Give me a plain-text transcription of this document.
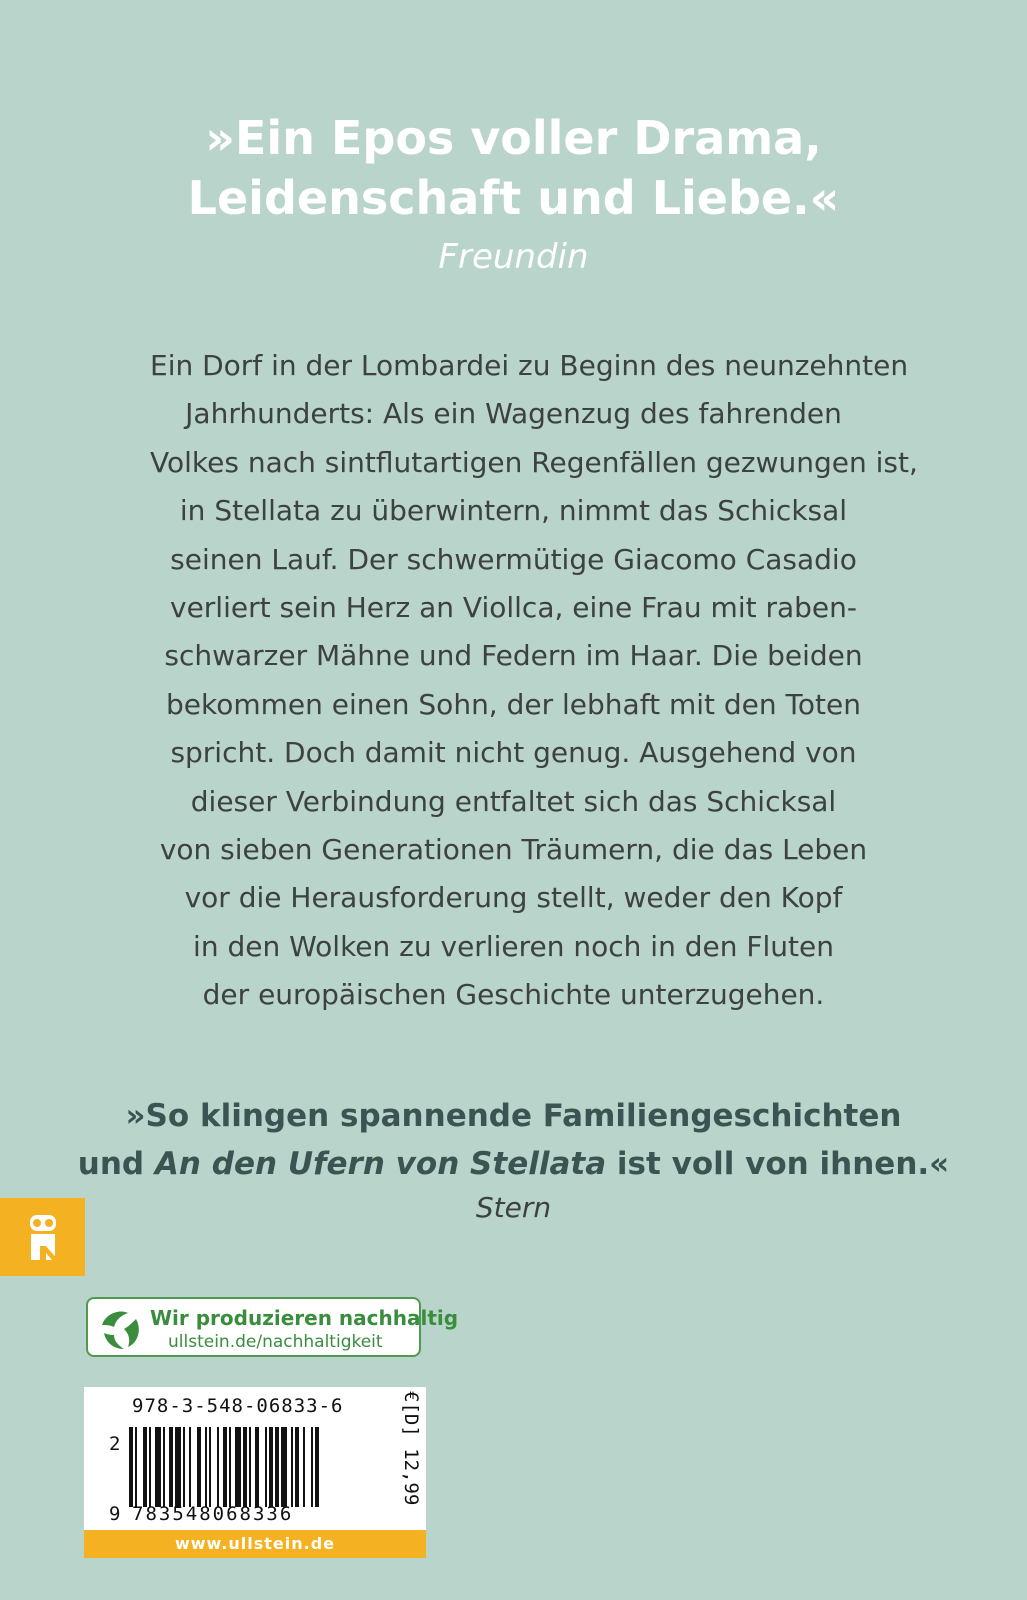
»Ein Epos voller Drama,
Leidenschaft und Liebe.«
Freundin
Ein Dorf in der Lombardei zu Beginn des neunzehnten
Jahrhunderts: Als ein Wagenzug des fahrenden
Volkes nach sintflutartigen Regenfällen gezwungen ist,
in Stellata zu überwintern, nimmt das Schicksal
seinen Lauf. Der schwermütige Giacomo Casadio
verliert sein Herz an Viollca, eine Frau mit raben-
schwarzer Mähne und Federn im Haar. Die beiden
bekommen einen Sohn, der lebhaft mit den Toten
spricht. Doch damit nicht genug. Ausgehend von
dieser Verbindung entfaltet sich das Schicksal
von sieben Generationen Träumern, die das Leben
vor die Herausforderung stellt, weder den Kopf
in den Wolken zu verlieren noch in den Fluten
der europäischen Geschichte unterzugehen.
»So klingen spannende Familiengeschichten
und An den Ufern von Stellata ist voll von ihnen.«
Stern
Wir produzieren nachhaltig
ullstein.de/nachhaltigkeit
978-3-548-06833-6
2
9 783548068336
€[D] 12,99
www.ullstein.de
